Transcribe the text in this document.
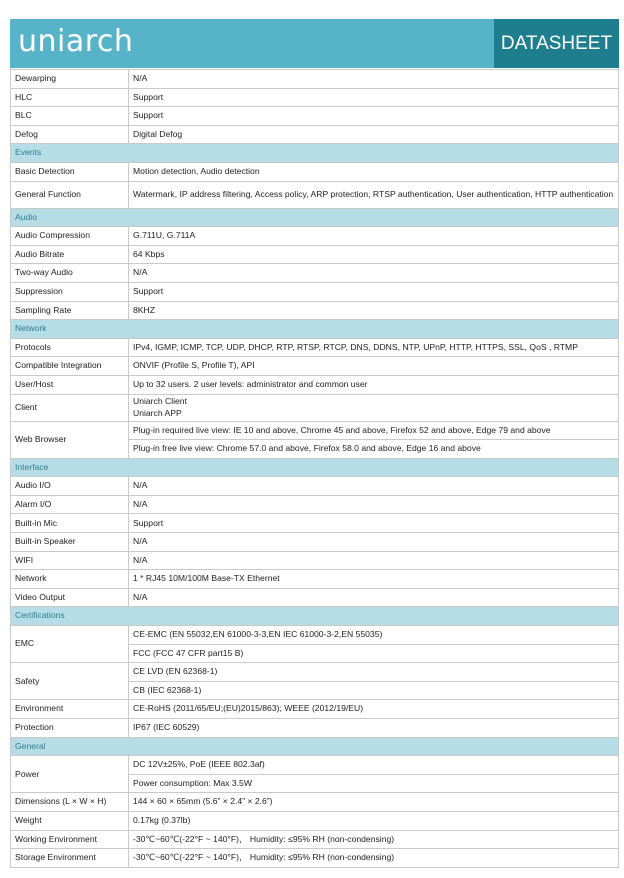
uniarch	DATASHEET
Dewarping	N/A
HLC	Support
BLC	Support
Defog	Digital Defog
Events	
Basic Detection	Motion detection, Audio detection
General Function	Watermark, IP address filtering, Access policy, ARP protection, RTSP authentication, User authentication, HTTP authentication
Audio	
Audio Compression	G.711U, G.711A
Audio Bitrate	64 Kbps
Two-way Audio	N/A
Suppression	Support
Sampling Rate	8KHZ
Network	
Protocols	IPv4, IGMP, ICMP, TCP, UDP, DHCP, RTP, RTSP, RTCP, DNS, DDNS, NTP, UPnP, HTTP, HTTPS, SSL, QoS , RTMP
Compatible Integration	ONVIF (Profile S, Profile T), API
User/Host	Up to 32 users. 2 user levels: administrator and common user
Client	Uniarch Client
Uniarch APP
Web Browser	Plug-in required live view: IE 10 and above, Chrome 45 and above, Firefox 52 and above, Edge 79 and above
	Plug-in free live view: Chrome 57.0 and above, Firefox 58.0 and above, Edge 16 and above
Interface	
Audio I/O	N/A
Alarm I/O	N/A
Built-in Mic	Support
Built-in Speaker	N/A
WIFI	N/A
Network	1 * RJ45 10M/100M Base-TX Ethernet
Video Output	N/A
Certifications	
EMC	CE-EMC (EN 55032,EN 61000-3-3,EN IEC 61000-3-2,EN 55035)
	FCC (FCC 47 CFR part15 B)
Safety	CE LVD (EN 62368-1)
	CB (IEC 62368-1)
Environment	CE-RoHS (2011/65/EU;(EU)2015/863); WEEE (2012/19/EU)
Protection	IP67 (IEC 60529)
General	
Power	DC 12V±25%, PoE (IEEE 802.3af)
	Power consumption: Max 3.5W
Dimensions (L × W × H)	144 × 60 × 65mm (5.6” × 2.4” × 2.6”)
Weight	0.17kg (0.37lb)
Working Environment	-30℃~60℃(-22°F ~ 140°F)， Humidity: ≤95% RH (non-condensing)
Storage Environment	-30℃~60℃(-22°F ~ 140°F)， Humidity: ≤95% RH (non-condensing)
